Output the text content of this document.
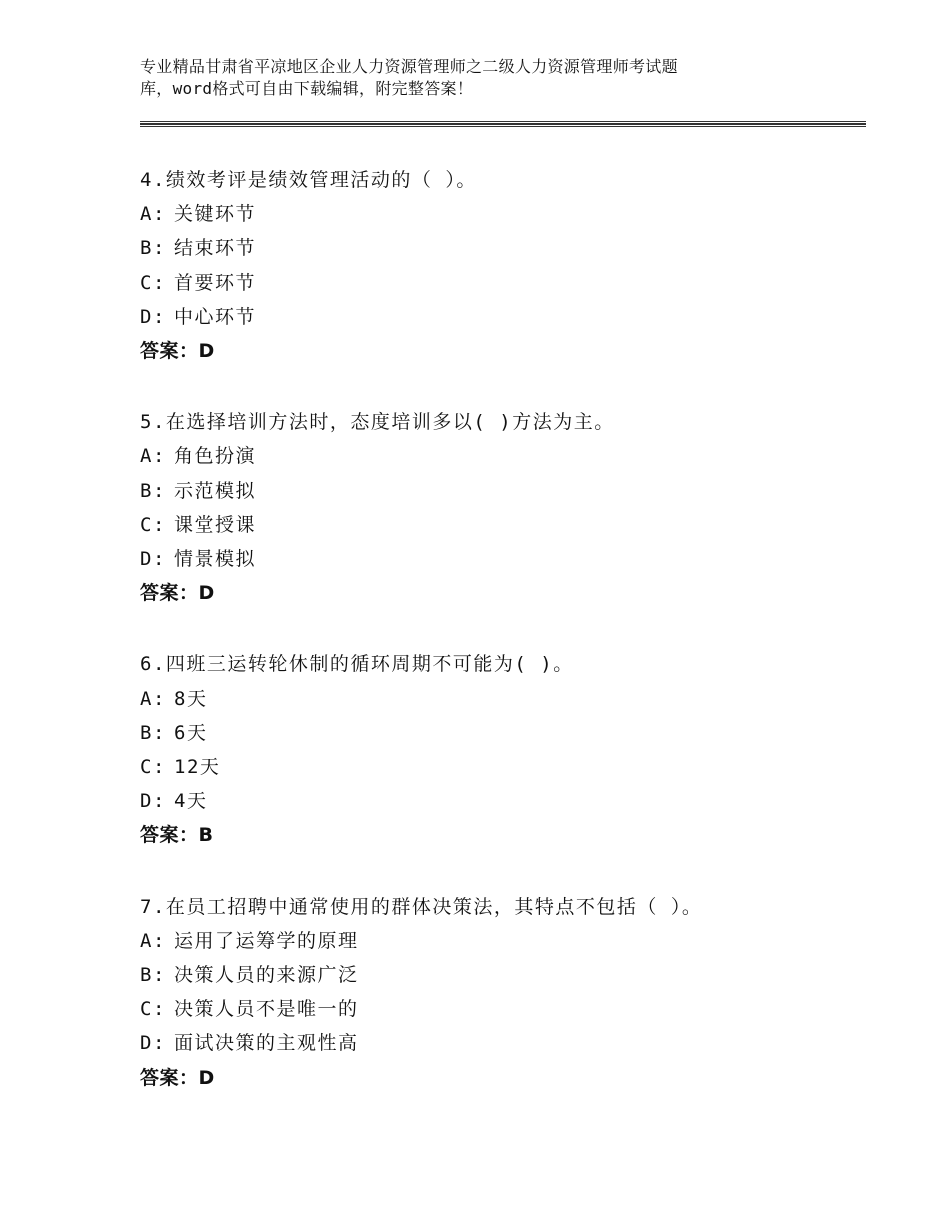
专业精品甘肃省平凉地区企业人力资源管理师之二级人力资源管理师考试题
库，word格式可自由下载编辑，附完整答案！
4.绩效考评是绩效管理活动的（ ）。
A: 关键环节
B: 结束环节
C: 首要环节
D: 中心环节
答案：D
5.在选择培训方法时，态度培训多以( )方法为主。
A: 角色扮演
B: 示范模拟
C: 课堂授课
D: 情景模拟
答案：D
6.四班三运转轮休制的循环周期不可能为( )。
A: 8天
B: 6天
C: 12天
D: 4天
答案：B
7.在员工招聘中通常使用的群体决策法，其特点不包括（ ）。
A: 运用了运筹学的原理
B: 决策人员的来源广泛
C: 决策人员不是唯一的
D: 面试决策的主观性高
答案：D
